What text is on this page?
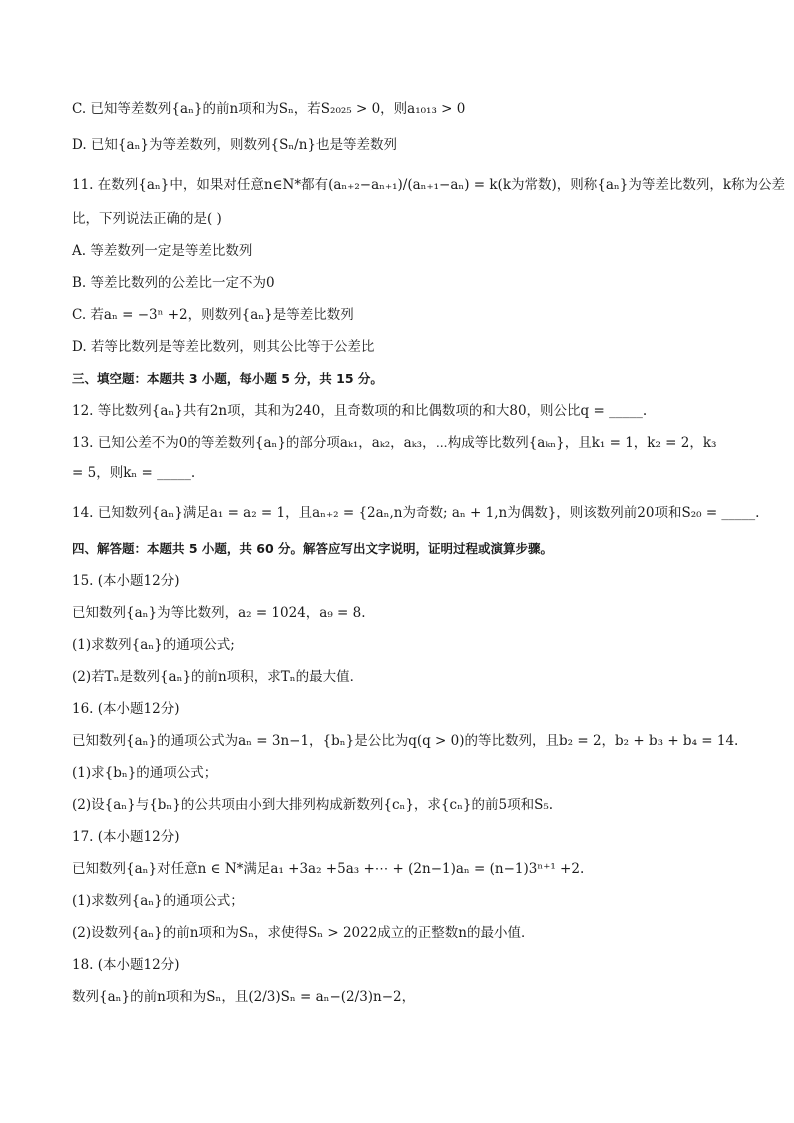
C. 已知等差数列{aₙ}的前n项和为Sₙ，若S₂₀₂₅ > 0，则a₁₀₁₃ > 0

D. 已知{aₙ}为等差数列，则数列{Sₙ/n}也是等差数列

11. 在数列{aₙ}中，如果对任意n∈N*都有(aₙ₊₂−aₙ₊₁)/(aₙ₊₁−aₙ) = k(k为常数)，则称{aₙ}为等差比数列，k称为公差

比，下列说法正确的是( )

A. 等差数列一定是等差比数列

B. 等差比数列的公差比一定不为0

C. 若aₙ = −3ⁿ +2，则数列{aₙ}是等差比数列

D. 若等比数列是等差比数列，则其公比等于公差比

三、填空题：本题共 3 小题，每小题 5 分，共 15 分。

12. 等比数列{aₙ}共有2n项，其和为240，且奇数项的和比偶数项的和大80，则公比q = _____.

13. 已知公差不为0的等差数列{aₙ}的部分项aₖ₁，aₖ₂，aₖ₃，⋯构成等比数列{aₖₙ}，且k₁ = 1，k₂ = 2，k₃

= 5，则kₙ = _____.

14. 已知数列{aₙ}满足a₁ = a₂ = 1，且aₙ₊₂ = {2aₙ,n为奇数; aₙ + 1,n为偶数}，则该数列前20项和S₂₀ = _____.

四、解答题：本题共 5 小题，共 60 分。解答应写出文字说明，证明过程或演算步骤。

15. (本小题12分)

已知数列{aₙ}为等比数列，a₂ = 1024，a₉ = 8.

(1)求数列{aₙ}的通项公式;

(2)若Tₙ是数列{aₙ}的前n项积，求Tₙ的最大值．

16. (本小题12分)

已知数列{aₙ}的通项公式为aₙ = 3n−1，{bₙ}是公比为q(q > 0)的等比数列，且b₂ = 2，b₂ + b₃ + b₄ = 14.

(1)求{bₙ}的通项公式；

(2)设{aₙ}与{bₙ}的公共项由小到大排列构成新数列{cₙ}，求{cₙ}的前5项和S₅.

17. (本小题12分)

已知数列{aₙ}对任意n ∈ N*满足a₁ +3a₂ +5a₃ +⋯ + (2n−1)aₙ = (n−1)3ⁿ⁺¹ +2.

(1)求数列{aₙ}的通项公式；

(2)设数列{aₙ}的前n项和为Sₙ，求使得Sₙ > 2022成立的正整数n的最小值．

18. (本小题12分)

数列{aₙ}的前n项和为Sₙ，且(2/3)Sₙ = aₙ−(2/3)n−2，
